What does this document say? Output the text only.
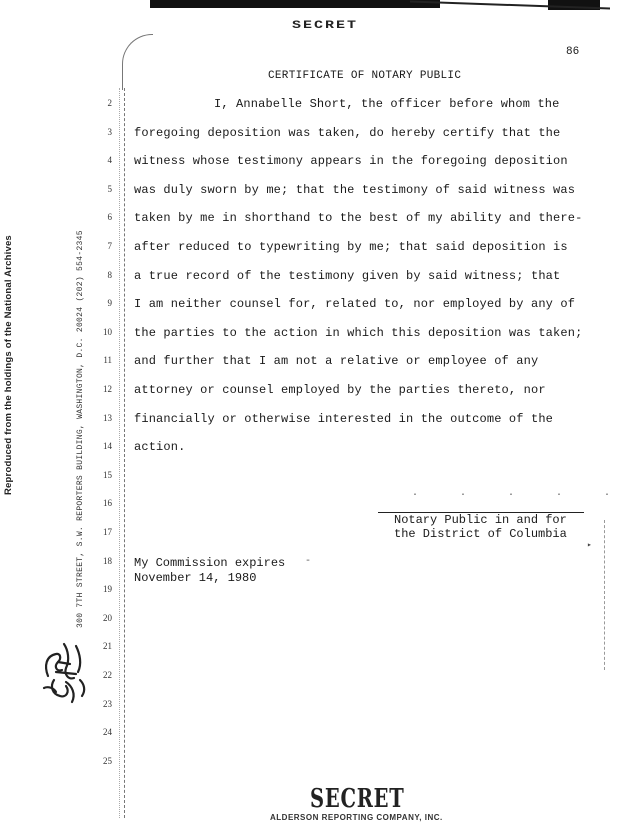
SECRET
86
Reproduced from the holdings of the National Archives	300 7TH STREET, S.W. REPORTERS BUILDING, WASHINGTON, D.C. 20024 (202) 554-2345
2
3
4
5
6
7
8
9
10
11
12
13
14
15
16
17
18
19
20
21
22
23
24
25
CERTIFICATE OF NOTARY PUBLIC
I, Annabelle Short, the officer before whom the
foregoing deposition was taken, do hereby certify that the
witness whose testimony appears in the foregoing deposition
was duly sworn by me; that the testimony of said witness was
taken by me in shorthand to the best of my ability and there-
after reduced to typewriting by me; that said deposition is
a true record of the testimony given by said witness; that
I am neither counsel for, related to, nor employed by any of
the parties to the action in which this deposition was taken;
and further that I am not a relative or employee of any
attorney or counsel employed by the parties thereto, nor
financially or otherwise interested in the outcome of the
action.
. . . . .
Notary Public in and for
the District of Columbia
▸
My Commission expires -
November 14, 1980
SECRET
ALDERSON REPORTING COMPANY, INC.
